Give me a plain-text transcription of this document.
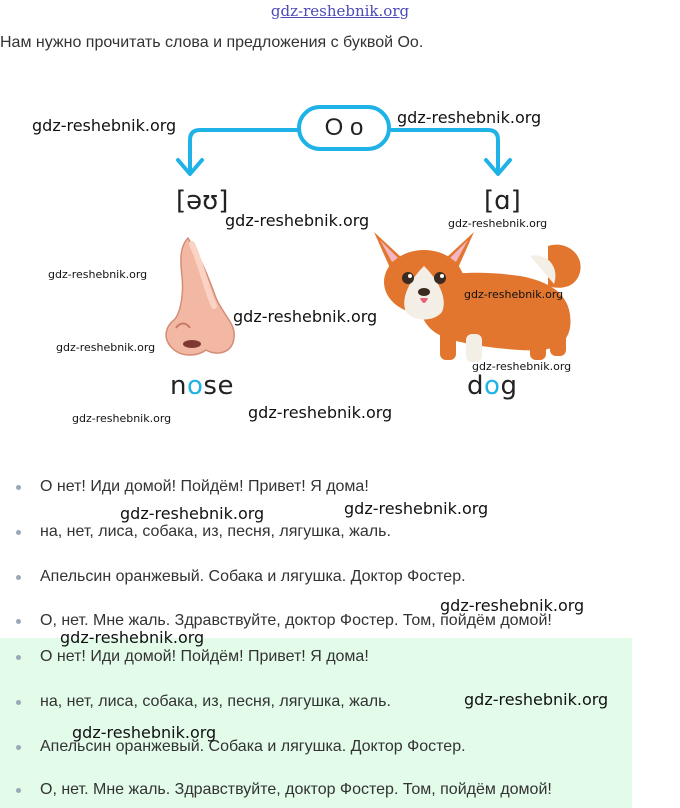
gdz-reshebnik.org
Нам нужно прочитать слова и предложения с буквой Оо.
О о
[əʊ]	[ɑ]
nose	dog
О нет! Иди домой! Пойдём! Привет! Я дома!
на, нет, лиса, собака, из, песня, лягушка, жаль.
Апельсин оранжевый. Собака и лягушка. Доктор Фостер.
О, нет. Мне жаль. Здравствуйте, доктор Фостер. Том, пойдём домой!
О нет! Иди домой! Пойдём! Привет! Я дома!
на, нет, лиса, собака, из, песня, лягушка, жаль.
Апельсин оранжевый. Собака и лягушка. Доктор Фостер.
О, нет. Мне жаль. Здравствуйте, доктор Фостер. Том, пойдём домой!
gdz-reshebnik.org	gdz-reshebnik.org
gdz-reshebnik.org	gdz-reshebnik.org
gdz-reshebnik.org
gdz-reshebnik.org
gdz-reshebnik.org
gdz-reshebnik.org
gdz-reshebnik.org
gdz-reshebnik.org
gdz-reshebnik.org
gdz-reshebnik.org	gdz-reshebnik.org
gdz-reshebnik.org
gdz-reshebnik.org
gdz-reshebnik.org
gdz-reshebnik.org
